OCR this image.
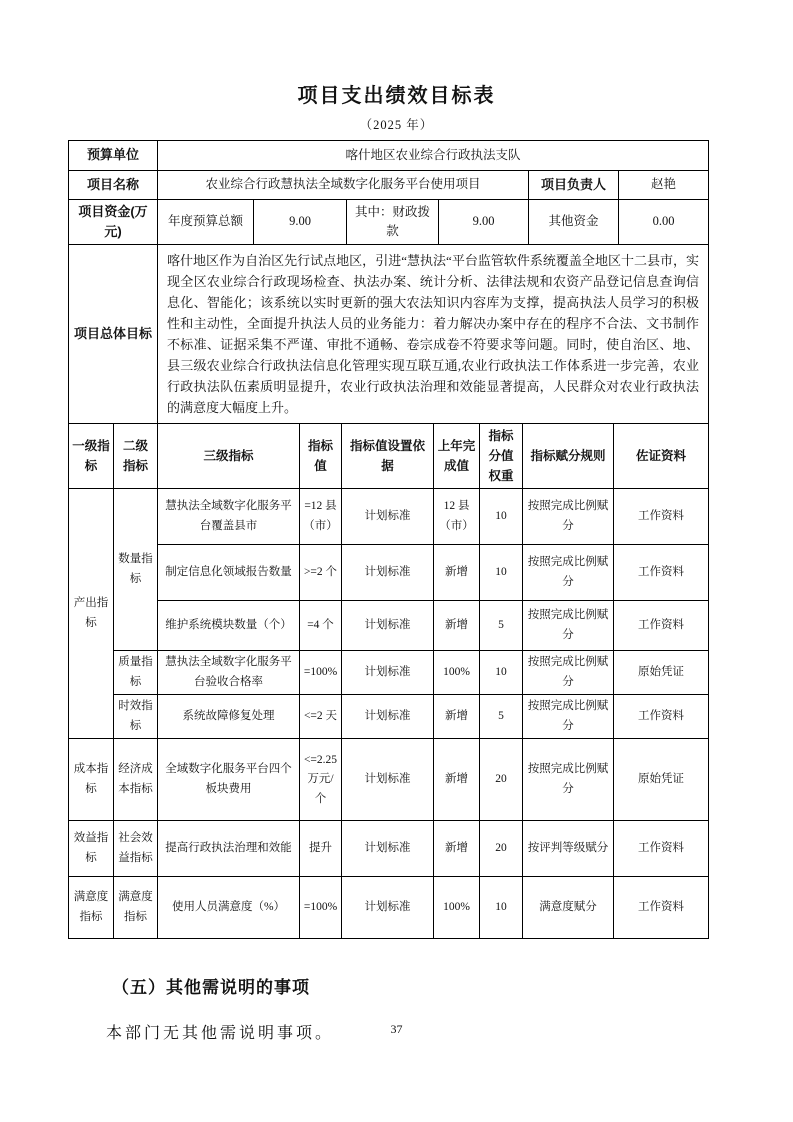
项目支出绩效目标表
（2025 年）
预算单位	喀什地区农业综合行政执法支队					
项目名称	农业综合行政慧执法全域数字化服务平台使用项目				项目负责人	赵艳
项目资金(万元)	年度预算总额	9.00	其中：财政拨款	9.00	其他资金	0.00
项目总体目标	喀什地区作为自治区先行试点地区，引进“慧执法“平台监管软件系统覆盖全地区十二县市，实现全区农业综合行政现场检查、执法办案、统计分析、法律法规和农资产品登记信息查询信息化、智能化；该系统以实时更新的强大农法知识内容库为支撑，提高执法人员学习的积极性和主动性，全面提升执法人员的业务能力：着力解决办案中存在的程序不合法、文书制作不标准、证据采集不严谨、审批不通畅、卷宗成卷不符要求等问题。同时，使自治区、地、县三级农业综合行政执法信息化管理实现互联互通,农业行政执法工作体系进一步完善，农业行政执法队伍素质明显提升，农业行政执法治理和效能显著提高，人民群众对农业行政执法的满意度大幅度上升。					
一级指标	二级指标	三级指标	指标值	指标值设置依据	上年完成值	指标分值权重	指标赋分规则	佐证资料
产出指标	数量指标	慧执法全域数字化服务平台覆盖县市	=12 县（市）	计划标准	12 县（市）	10	按照完成比例赋分	工作资料
		制定信息化领域报告数量	>=2 个	计划标准	新增	10	按照完成比例赋分	工作资料
		维护系统模块数量（个）	=4 个	计划标准	新增	5	按照完成比例赋分	工作资料
	质量指标	慧执法全域数字化服务平台验收合格率	=100%	计划标准	100%	10	按照完成比例赋分	原始凭证
	时效指标	系统故障修复处理	<=2 天	计划标准	新增	5	按照完成比例赋分	工作资料
成本指标	经济成本指标	全域数字化服务平台四个板块费用	<=2.25 万元/个	计划标准	新增	20	按照完成比例赋分	原始凭证
效益指标	社会效益指标	提高行政执法治理和效能	提升	计划标准	新增	20	按评判等级赋分	工作资料
满意度指标	满意度指标	使用人员满意度（%）	=100%	计划标准	100%	10	满意度赋分	工作资料
（五）其他需说明的事项
本部门无其他需说明事项。	37
